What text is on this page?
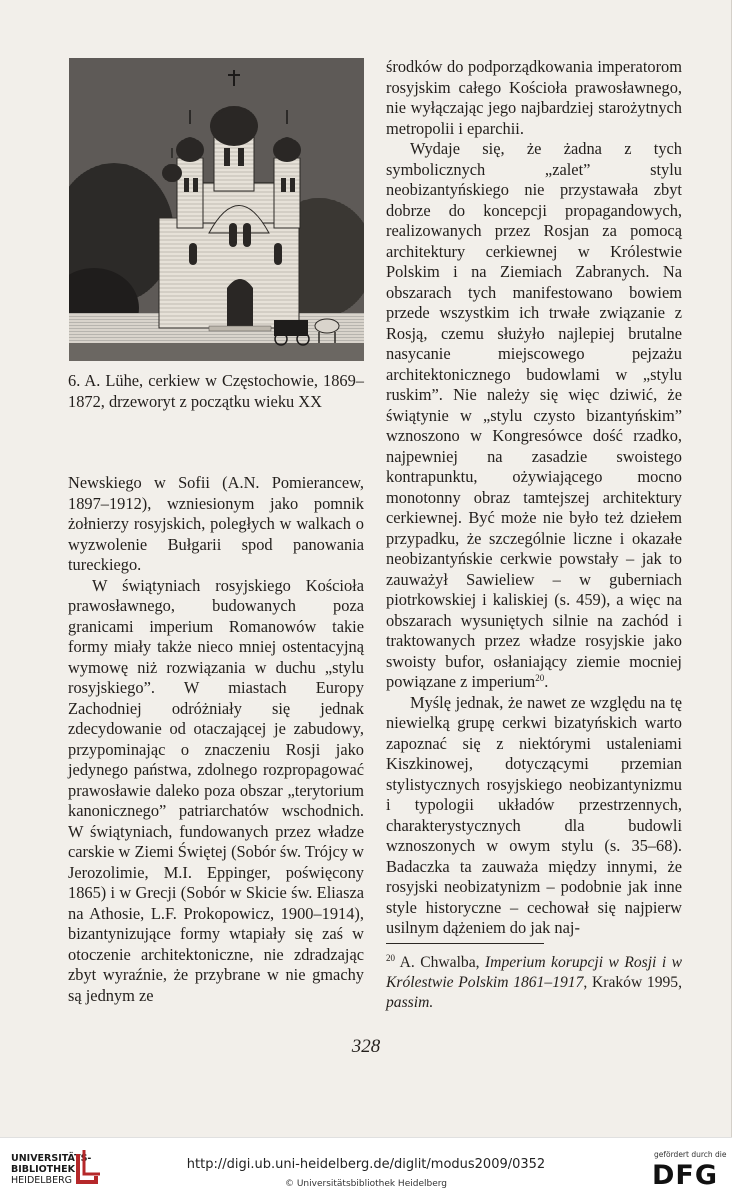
6. A. Lühe, cerkiew w Częstochowie, 1869–1872, drzeworyt z początku wieku XX

Newskiego w Sofii (A.N. Pomierancew, 1897–1912), wzniesionym jako pomnik żołnierzy rosyjskich, poległych w walkach o wyzwolenie Bułgarii spod panowania tureckiego.

W świątyniach rosyjskiego Kościoła prawosławnego, budowanych poza granicami imperium Romanowów takie formy miały także nieco mniej ostentacyjną wymowę niż rozwiązania w duchu „stylu rosyjskiego”. W miastach Europy Zachodniej odróżniały się jednak zdecydowanie od otaczającej je zabudowy, przypominając o znaczeniu Rosji jako jedynego państwa, zdolnego rozpropagować prawosławie daleko poza obszar „terytorium kanonicznego” patriarchatów wschodnich. W świątyniach, fundowanych przez władze carskie w Ziemi Świętej (Sobór św. Trójcy w Jerozolimie, M.I. Eppinger, poświęcony 1865) i w Grecji (Sobór w Skicie św. Eliasza na Athosie, L.F. Prokopowicz, 1900–1914), bizantynizujące formy wtapiały się zaś w otoczenie architektoniczne, nie zdradzając zbyt wyraźnie, że przybrane w nie gmachy są jednym ze

środków do podporządkowania imperatorom rosyjskim całego Kościoła prawosławnego, nie wyłączając jego najbardziej starożytnych metropolii i eparchii.

Wydaje się, że żadna z tych symbolicznych „zalet” stylu neobizantyńskiego nie przystawała zbyt dobrze do koncepcji propagandowych, realizowanych przez Rosjan za pomocą architektury cerkiewnej w Królestwie Polskim i na Ziemiach Zabranych. Na obszarach tych manifestowano bowiem przede wszystkim ich trwałe związanie z Rosją, czemu służyło najlepiej brutalne nasycanie miejscowego pejzażu architektonicznego budowlami w „stylu ruskim”. Nie należy się więc dziwić, że świątynie w „stylu czysto bizantyńskim” wznoszono w Kongresówce dość rzadko, najpewniej na zasadzie swoistego kontrapunktu, ożywiającego mocno monotonny obraz tamtejszej architektury cerkiewnej. Być może nie było też dziełem przypadku, że szczególnie liczne i okazałe neobizantyńskie cerkwie powstały – jak to zauważył Sawieliew – w guberniach piotrkowskiej i kaliskiej (s. 459), a więc na obszarach wysuniętych silnie na zachód i traktowanych przez władze rosyjskie jako swoisty bufor, osłaniający ziemie mocniej powiązane z imperium$^{20}$.

Myślę jednak, że nawet ze względu na tę niewielką grupę cerkwi bizatyńskich warto zapoznać się z niektórymi ustaleniami Kiszkinowej, dotyczącymi przemian stylistycznych rosyjskiego neobizantynizmu i typologii układów przestrzennych, charakterystycznych dla budowli wznoszonych w owym stylu (s. 35–68). Badaczka ta zauważa między innymi, że rosyjski neobizatynizm – podobnie jak inne style historyczne – cechował się najpierw usilnym dążeniem do jak naj-

$^{20}$ A. Chwalba, Imperium korupcji w Rosji i w Królestwie Polskim 1861–1917, Kraków 1995, passim.
328
UNIVERSITÄTS-
BIBLIOTHEK
HEIDELBERG
http://digi.ub.uni-heidelberg.de/diglit/modus2009/0352
© Universitätsbibliothek Heidelberg
gefördert durch die
DFG
